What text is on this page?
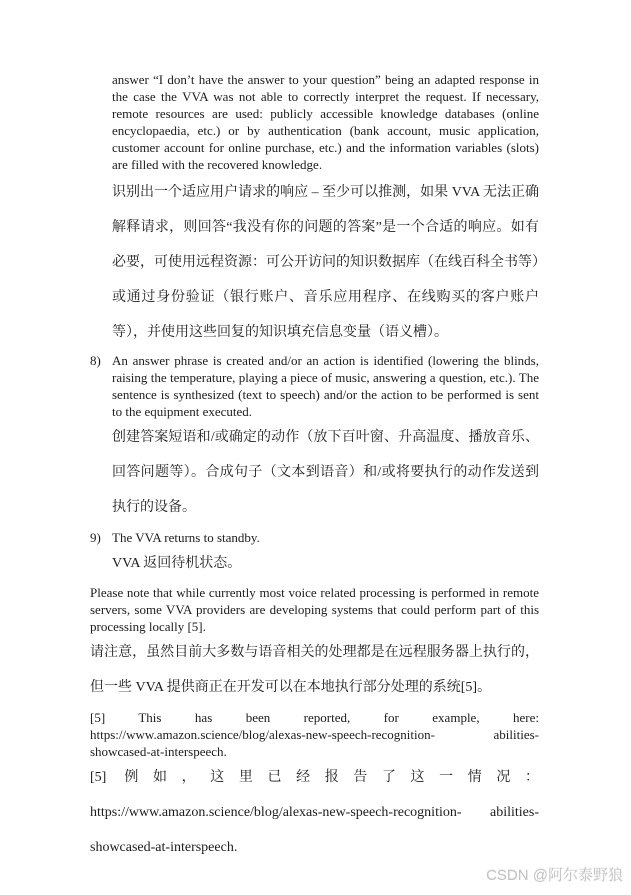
answer “I don’t have the answer to your question” being an adapted response in the case the VVA was not able to correctly interpret the request. If necessary, remote resources are used: publicly accessible knowledge databases (online encyclopaedia, etc.) or by authentication (bank account, music application, customer account for online purchase, etc.) and the information variables (slots) are filled with the recovered knowledge.

识别出一个适应用户请求的响应 – 至少可以推测，如果 VVA 无法正确解释请求，则回答“我没有你的问题的答案”是一个合适的响应。如有必要，可使用远程资源：可公开访问的知识数据库（在线百科全书等）或通过身份验证（银行账户、音乐应用程序、在线购买的客户账户等），并使用这些回复的知识填充信息变量（语义槽）。

8) An answer phrase is created and/or an action is identified (lowering the blinds, raising the temperature, playing a piece of music, answering a question, etc.). The sentence is synthesized (text to speech) and/or the action to be performed is sent to the equipment executed.

创建答案短语和/或确定的动作（放下百叶窗、升高温度、播放音乐、回答问题等）。合成句子（文本到语音）和/或将要执行的动作发送到执行的设备。

9) The VVA returns to standby.

VVA 返回待机状态。

Please note that while currently most voice related processing is performed in remote servers, some VVA providers are developing systems that could perform part of this processing locally [5].

请注意，虽然目前大多数与语音相关的处理都是在远程服务器上执行的，但一些 VVA 提供商正在开发可以在本地执行部分处理的系统[5]。

[5] This has been reported, for example, here: https://www.amazon.science/blog/alexas-new-speech-recognition- abilities-showcased-at-interspeech.

[5] 例如，这里已经报告了这一情况：https://www.amazon.science/blog/alexas-new-speech-recognition- abilities-showcased-at-interspeech.

CSDN @阿尔泰野狼
